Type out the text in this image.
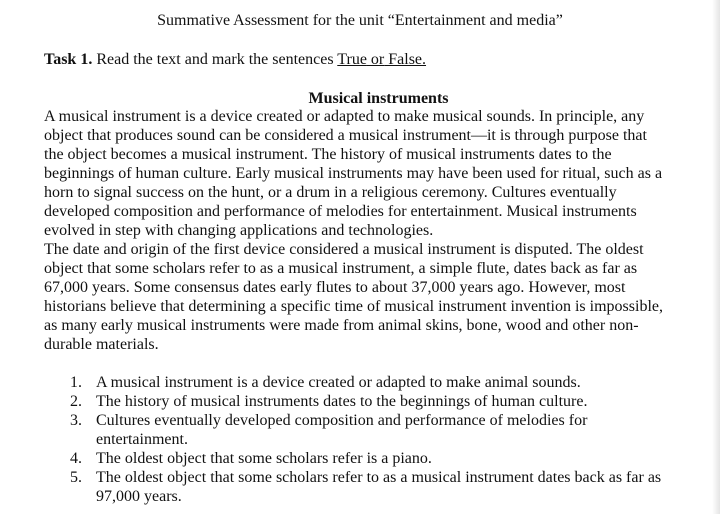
Summative Assessment for the unit “Entertainment and media”
Task 1. Read the text and mark the sentences True or False.
Musical instruments
A musical instrument is a device created or adapted to make musical sounds. In principle, any
object that produces sound can be considered a musical instrument—it is through purpose that
the object becomes a musical instrument. The history of musical instruments dates to the
beginnings of human culture. Early musical instruments may have been used for ritual, such as a
horn to signal success on the hunt, or a drum in a religious ceremony. Cultures eventually
developed composition and performance of melodies for entertainment. Musical instruments
evolved in step with changing applications and technologies.
The date and origin of the first device considered a musical instrument is disputed. The oldest
object that some scholars refer to as a musical instrument, a simple flute, dates back as far as
67,000 years. Some consensus dates early flutes to about 37,000 years ago. However, most
historians believe that determining a specific time of musical instrument invention is impossible,
as many early musical instruments were made from animal skins, bone, wood and other non-
durable materials.
1. A musical instrument is a device created or adapted to make animal sounds.
2. The history of musical instruments dates to the beginnings of human culture.
3. Cultures eventually developed composition and performance of melodies for
entertainment.
4. The oldest object that some scholars refer is a piano.
5. The oldest object that some scholars refer to as a musical instrument dates back as far as
97,000 years.
